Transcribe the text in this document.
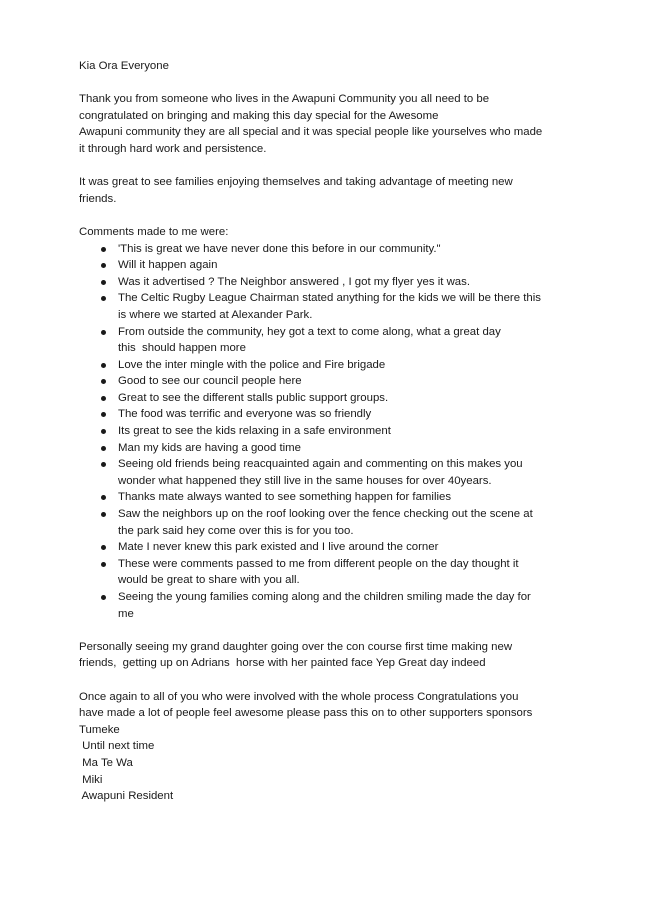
Kia Ora Everyone

Thank you from someone who lives in the Awapuni Community you all need to be
congratulated on bringing and making this day special for the Awesome
Awapuni community they are all special and it was special people like yourselves who made
it through hard work and persistence.
It was great to see families enjoying themselves and taking advantage of meeting new
friends.

Comments made to me were:

'This is great we have never done this before in our community."
Will it happen again
Was it advertised ? The Neighbor answered , I got my flyer yes it was.
The Celtic Rugby League Chairman stated anything for the kids we will be there this
is where we started at Alexander Park.
From outside the community, hey got a text to come along, what a great day
this  should happen more
Love the inter mingle with the police and Fire brigade
Good to see our council people here
Great to see the different stalls public support groups.
The food was terrific and everyone was so friendly
Its great to see the kids relaxing in a safe environment
Man my kids are having a good time
Seeing old friends being reacquainted again and commenting on this makes you
wonder what happened they still live in the same houses for over 40years.
Thanks mate always wanted to see something happen for families
Saw the neighbors up on the roof looking over the fence checking out the scene at
the park said hey come over this is for you too.
Mate I never knew this park existed and I live around the corner
These were comments passed to me from different people on the day thought it
would be great to share with you all.
Seeing the young families coming along and the children smiling made the day for
me
Personally seeing my grand daughter going over the con course first time making new
friends,  getting up on Adrians  horse with her painted face Yep Great day indeed
Once again to all of you who were involved with the whole process Congratulations you
have made a lot of people feel awesome please pass this on to other supporters sponsors
Tumeke
Until next time
Ma Te Wa
Miki
Awapuni Resident
